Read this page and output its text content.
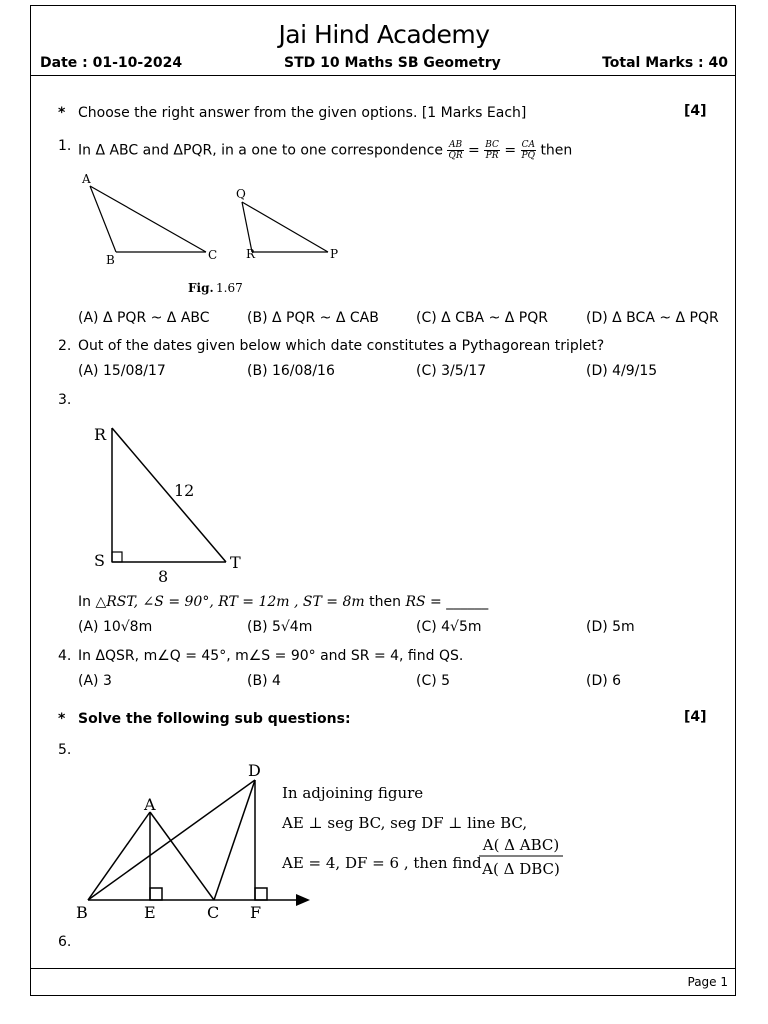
Jai Hind Academy
Date : 01-10-2024	STD 10 Maths SB Geometry	Total Marks : 40
* Choose the right answer from the given options. [1 Marks Each]	[4]
1. In Δ ABC and ΔPQR, in a one to one correspondence $\frac{AB}{QR} = \frac{BC}{PR} = \frac{CA}{PQ}$ then
A
B	C
Q
R	P
Fig. 1.67
(A) Δ PQR ~ Δ ABC	(B) Δ PQR ~ Δ CAB	(C) Δ CBA ~ Δ PQR	(D) Δ BCA ~ Δ PQR
2. Out of the dates given below which date constitutes a Pythagorean triplet?
(A) 15/08/17	(B) 16/08/16	(C) 3/5/17	(D) 4/9/15
3.
R
S	T
12
8
In △RST, ∠S = 90°, RT = 12m , ST = 8m then RS = ______
(A) 10√8m	(B) 5√4m	(C) 4√5m	(D) 5m
4. In ΔQSR, m∠Q = 45°, m∠S = 90° and SR = 4, find QS.
(A) 3	(B) 4	(C) 5	(D) 6
* Solve the following sub questions:	[4]
5.
B
A
E	C
D
F
In adjoining figure
AE ⊥ seg BC, seg DF ⊥ line BC,
AE = 4, DF = 6 , then find
A( Δ ABC)
A( Δ DBC)
6.
Page 1
